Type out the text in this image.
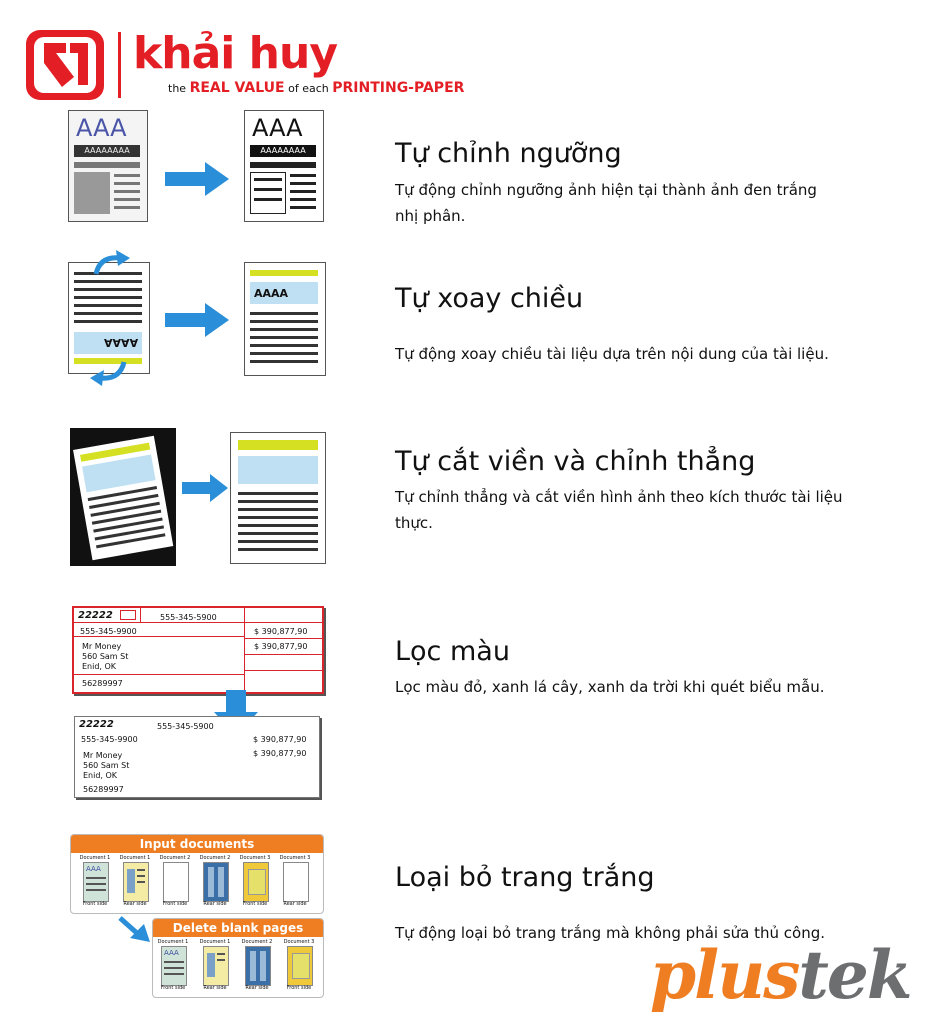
khải huy
the REAL VALUE of each PRINTING-PAPER
AAA
AAAAAAAA
AAA
AAAAAAAA	Tự chỉnh ngưỡng
Tự động chỉnh ngưỡng ảnh hiện tại thành ảnh đen trắng nhị phân.
AAAA
AAAA	Tự xoay chiều
Tự động xoay chiều tài liệu dựa trên nội dung của tài liệu.
Tự cắt viền và chỉnh thẳng
Tự chỉnh thẳng và cắt viền hình ảnh theo kích thước tài liệu thực.
22222	555-345-5900
555-345-9900	$ 390,877,90
$ 390,877,90
Mr Money
560 Sam St
Enid, OK
56289997
22222	555-345-5900
555-345-9900	$ 390,877,90
$ 390,877,90
Mr Money
560 Sam St
Enid, OK
56289997
Lọc màu
Lọc màu đỏ, xanh lá cây, xanh da trời khi quét biểu mẫu.
Input documents
Document 1 Document 1 Document 2 Document 2 Document 3 Document 3
AAA
Front side	Rear side	Front side	Rear side	Front side	Rear side
Delete blank pages
Document 1 Document 1 Document 2 Document 3
AAA
Front side	Rear side	Rear side	Front side
Loại bỏ trang trắng
Tự động loại bỏ trang trắng mà không phải sửa thủ công.
plustek
